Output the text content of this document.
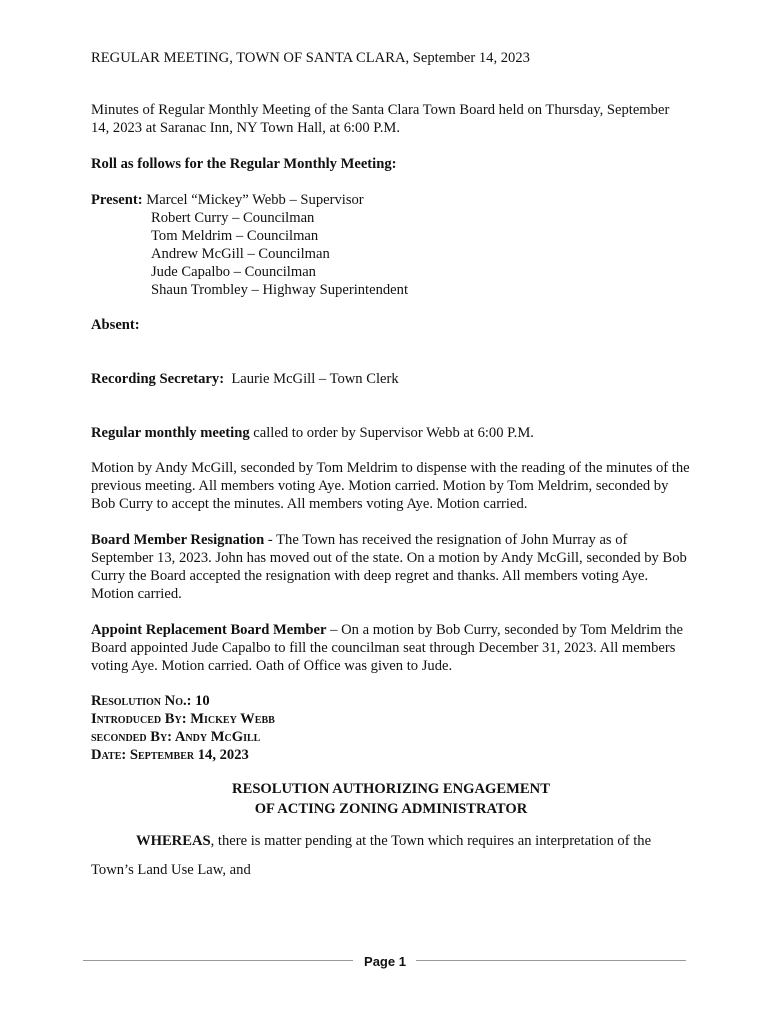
REGULAR MEETING, TOWN OF SANTA CLARA, September 14, 2023
Minutes of Regular Monthly Meeting of the Santa Clara Town Board held on Thursday, September 14, 2023 at Saranac Inn, NY Town Hall, at 6:00 P.M.
Roll as follows for the Regular Monthly Meeting:
Present: Marcel “Mickey” Webb – Supervisor
Robert Curry – Councilman
Tom Meldrim – Councilman
Andrew McGill – Councilman
Jude Capalbo – Councilman
Shaun Trombley – Highway Superintendent
Absent:
Recording Secretary: Laurie McGill – Town Clerk
Regular monthly meeting called to order by Supervisor Webb at 6:00 P.M.
Motion by Andy McGill, seconded by Tom Meldrim to dispense with the reading of the minutes of the previous meeting. All members voting Aye. Motion carried. Motion by Tom Meldrim, seconded by Bob Curry to accept the minutes. All members voting Aye. Motion carried.
Board Member Resignation - The Town has received the resignation of John Murray as of September 13, 2023. John has moved out of the state. On a motion by Andy McGill, seconded by Bob Curry the Board accepted the resignation with deep regret and thanks. All members voting Aye. Motion carried.
Appoint Replacement Board Member – On a motion by Bob Curry, seconded by Tom Meldrim the Board appointed Jude Capalbo to fill the councilman seat through December 31, 2023. All members voting Aye. Motion carried. Oath of Office was given to Jude.
Resolution No.: 10
Introduced By: Mickey Webb
seconded By: Andy McGill
Date: September 14, 2023
RESOLUTION AUTHORIZING ENGAGEMENT
OF ACTING ZONING ADMINISTRATOR
WHEREAS, there is matter pending at the Town which requires an interpretation of the
Town’s Land Use Law, and
Page 1
